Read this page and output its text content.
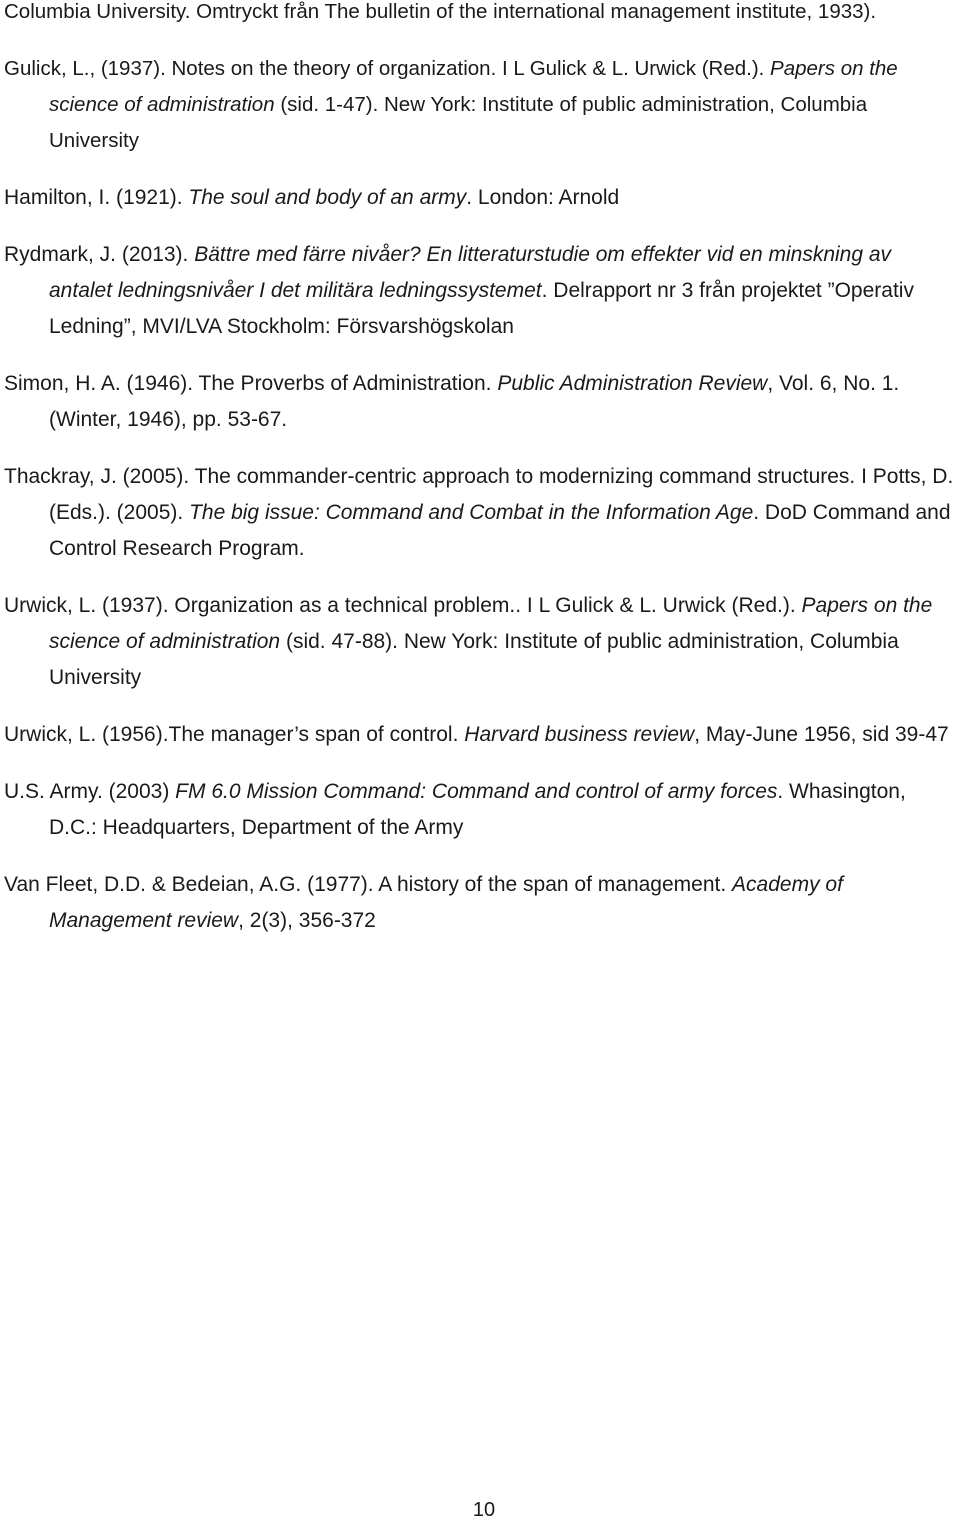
Columbia University. Omtryckt från The bulletin of the international management institute, 1933).
Gulick, L., (1937). Notes on the theory of organization. I L Gulick & L. Urwick (Red.). Papers on the science of administration (sid. 1-47). New York: Institute of public administration, Columbia University
Hamilton, I. (1921). The soul and body of an army. London: Arnold
Rydmark, J. (2013). Bättre med färre nivåer? En litteraturstudie om effekter vid en minskning av antalet ledningsnivåer I det militära ledningssystemet. Delrapport nr 3 från projektet ”Operativ Ledning”, MVI/LVA Stockholm: Försvarshögskolan
Simon, H. A. (1946). The Proverbs of Administration. Public Administration Review, Vol. 6, No. 1. (Winter, 1946), pp. 53-67.
Thackray, J. (2005). The commander-centric approach to modernizing command structures. I Potts, D. (Eds.). (2005). The big issue: Command and Combat in the Information Age. DoD Command and Control Research Program.
Urwick, L. (1937). Organization as a technical problem.. I L Gulick & L. Urwick (Red.). Papers on the science of administration (sid. 47-88). New York: Institute of public administration, Columbia University
Urwick, L. (1956).The manager’s span of control. Harvard business review, May-June 1956, sid 39-47
U.S. Army. (2003) FM 6.0 Mission Command: Command and control of army forces. Whasington, D.C.: Headquarters, Department of the Army
Van Fleet, D.D. & Bedeian, A.G. (1977). A history of the span of management. Academy of Management review, 2(3), 356-372
10
